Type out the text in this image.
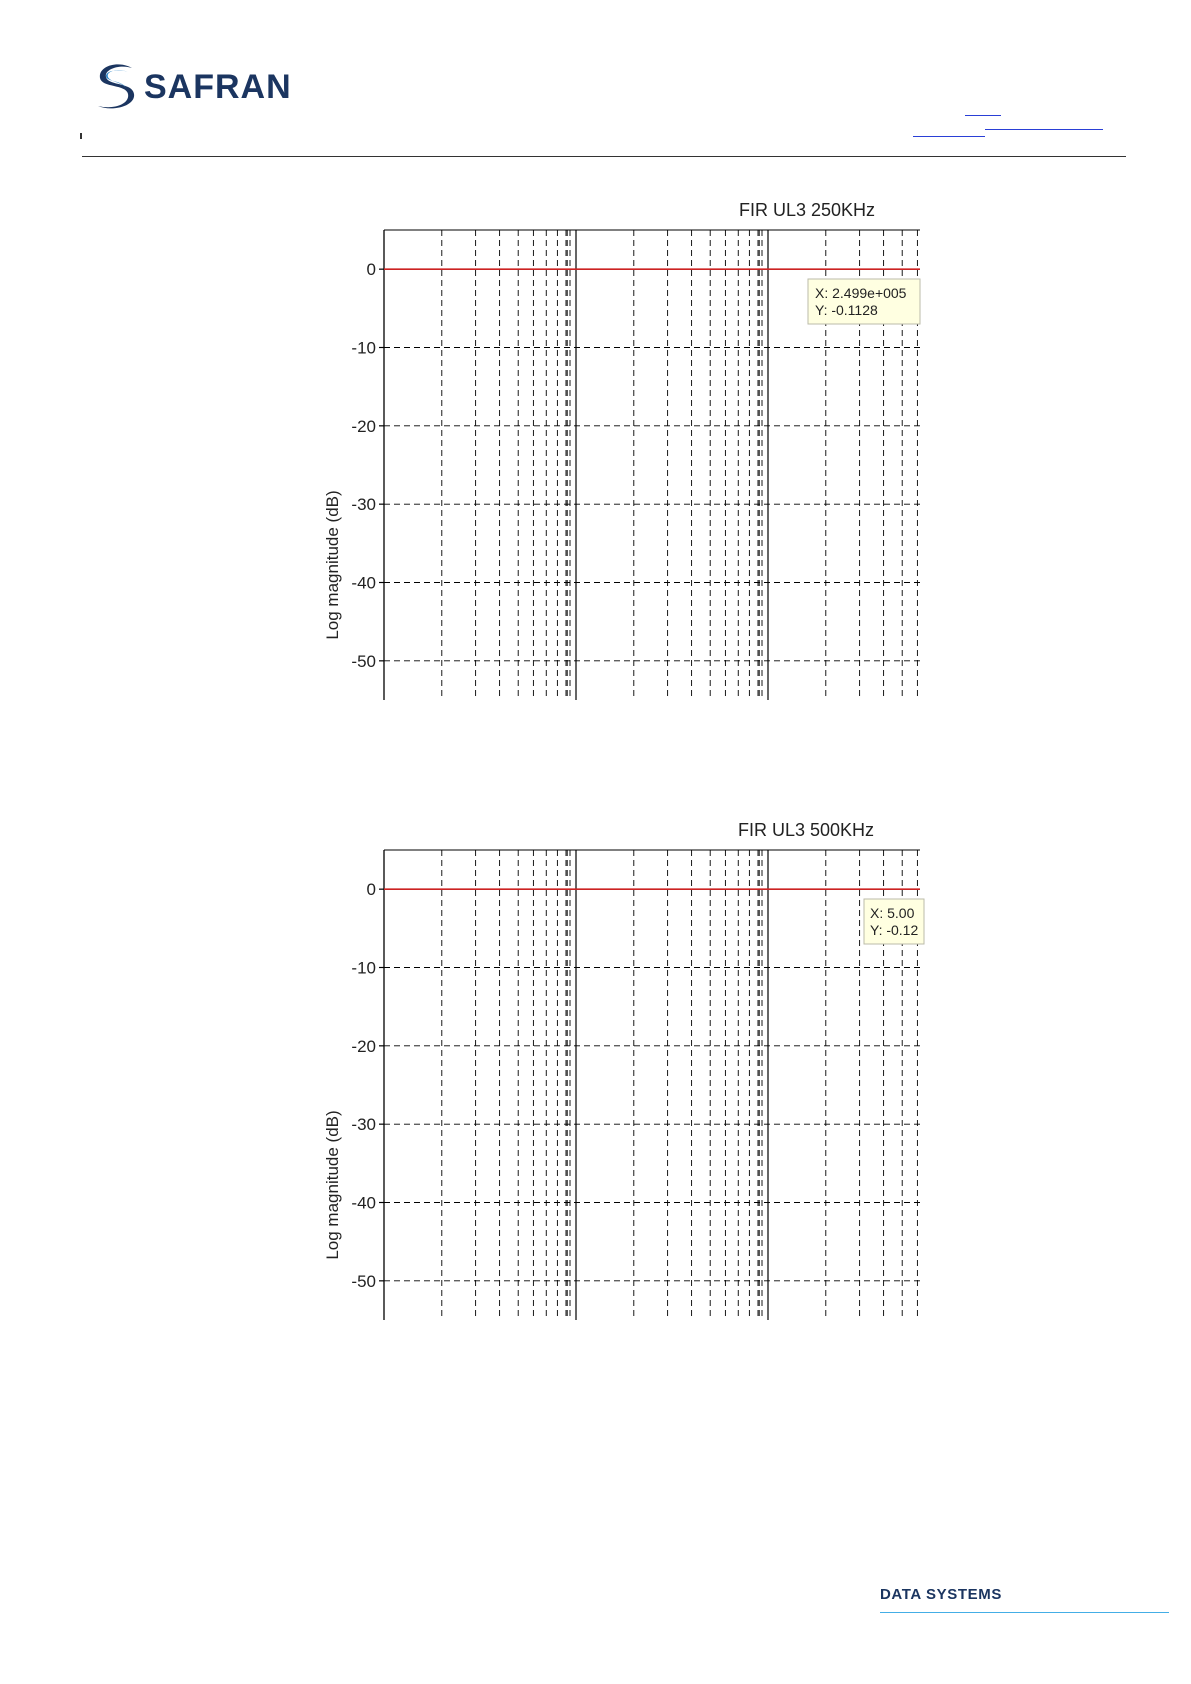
SAFRAN
FIR UL3 250KHz
Log magnitude (dB)
0
-10
-20
-30
-40
-50
X: 2.499e+005
Y: -0.1128
FIR UL3 500KHz
Log magnitude (dB)
0
-10
-20
-30
-40
-50
X: 5.00
Y: -0.12
DATA SYSTEMS
